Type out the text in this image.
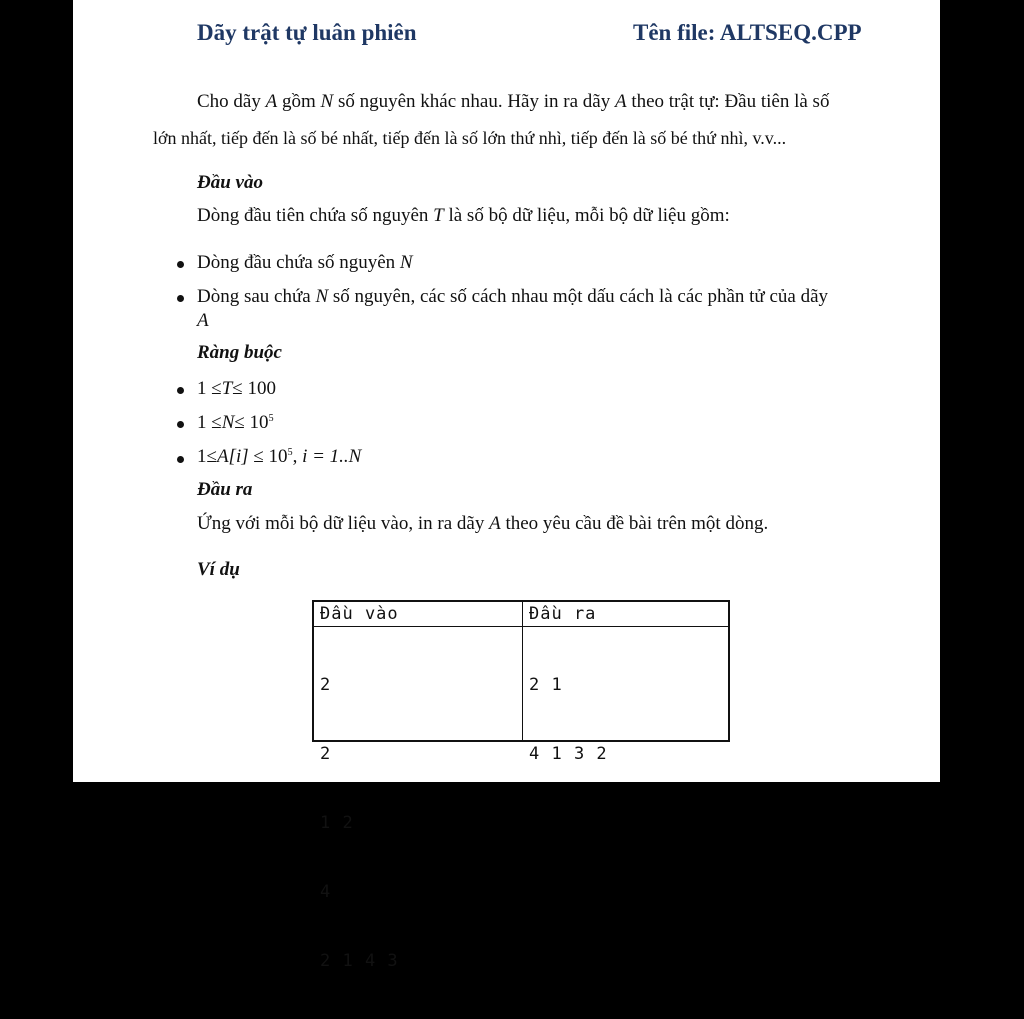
Dãy trật tự luân phiên	Tên file: ALTSEQ.CPP
Cho dãy A gồm N số nguyên khác nhau. Hãy in ra dãy A theo trật tự: Đầu tiên là số
lớn nhất, tiếp đến là số bé nhất, tiếp đến là số lớn thứ nhì, tiếp đến là số bé thứ nhì, v.v...
Đầu vào
Dòng đầu tiên chứa số nguyên T là số bộ dữ liệu, mỗi bộ dữ liệu gồm:
Dòng đầu chứa số nguyên N
Dòng sau chứa N số nguyên, các số cách nhau một dấu cách là các phần tử của dãy
A
Ràng buộc
1 ≤T≤ 100
$1 \le N\le 10^5$
$1\le A[i] \le 10^5$, i = 1..N
Đầu ra
Ứng với mỗi bộ dữ liệu vào, in ra dãy A theo yêu cầu đề bài trên một dòng.
Ví dụ
Đầu vào	Đầu ra

2

2

1 2

4

2 1 4 3

2 1

4 1 3 2
